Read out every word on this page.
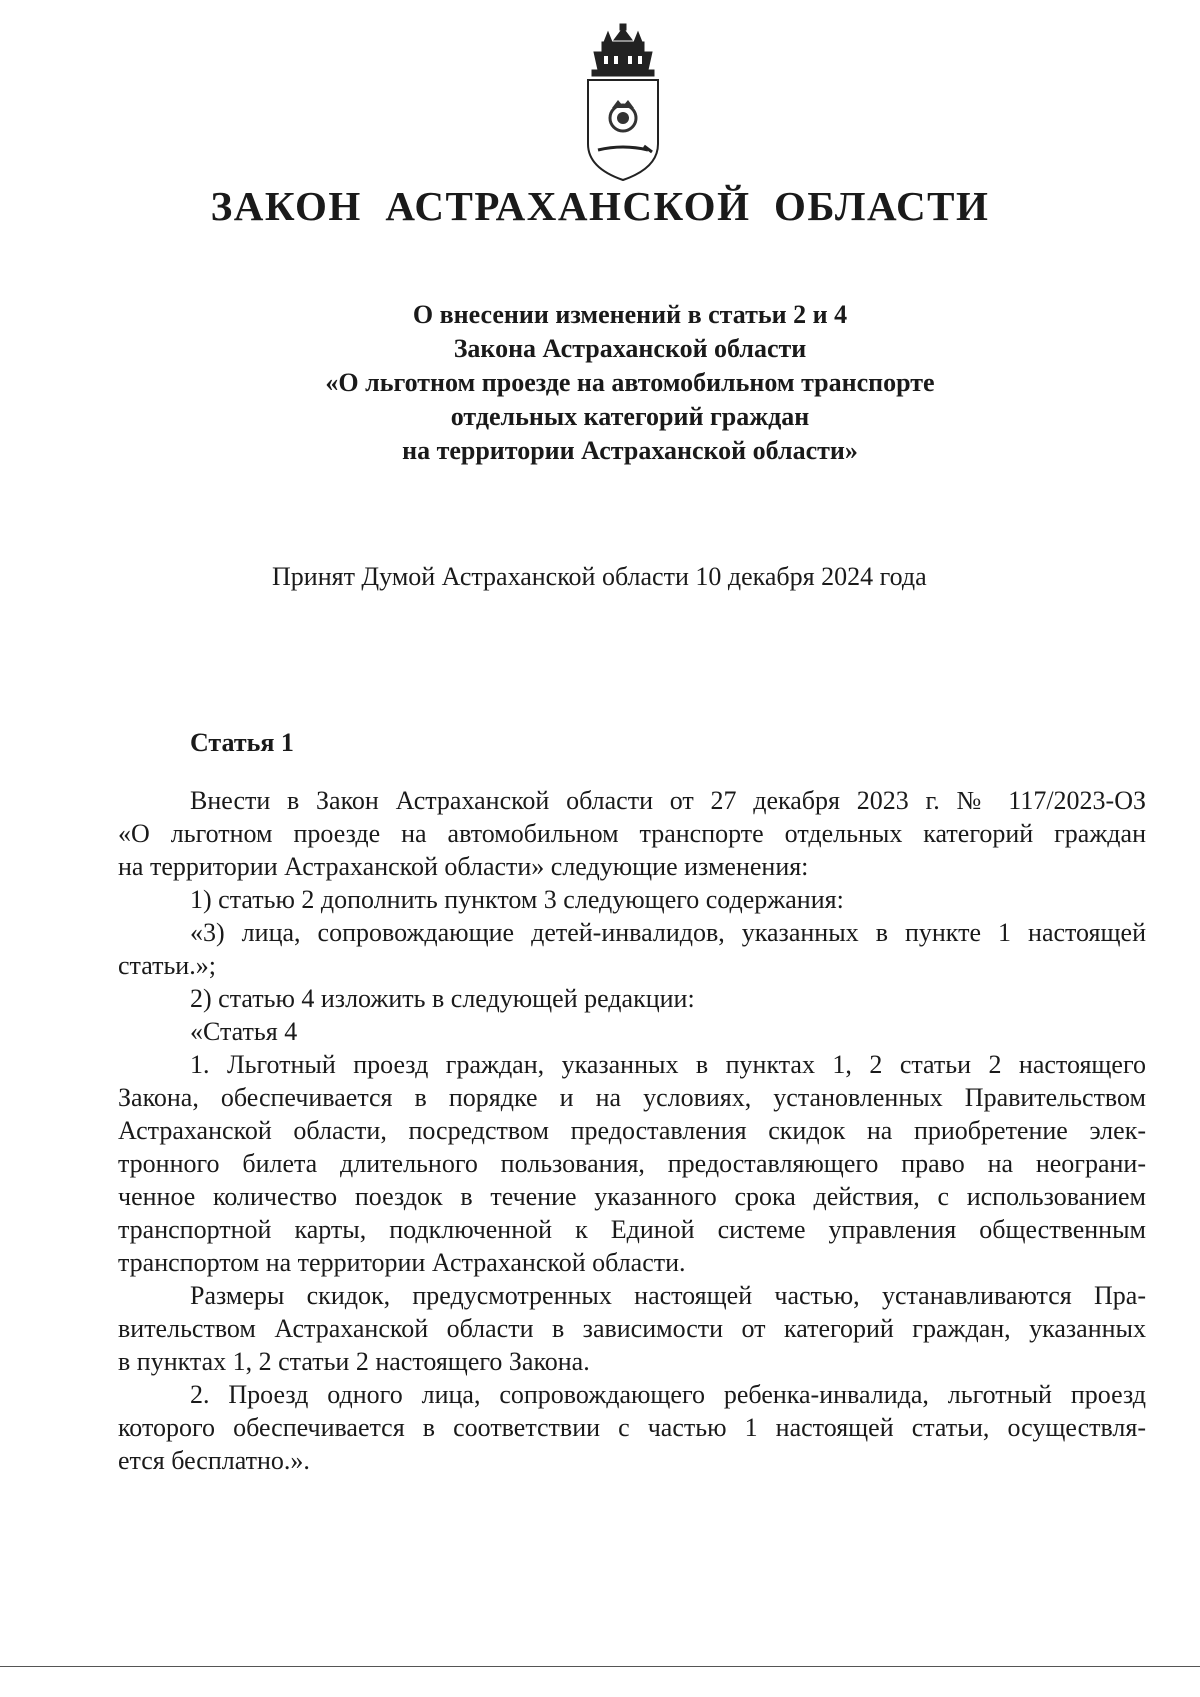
ЗАКОН  АСТРАХАНСКОЙ  ОБЛАСТИ
О внесении изменений в статьи 2 и 4
Закона Астраханской области
«О льготном проезде на автомобильном транспорте
отдельных категорий граждан
на территории Астраханской области»
Принят Думой Астраханской области 10 декабря 2024 года
Статья 1
Внести в Закон Астраханской области от 27 декабря 2023 г. № 117/2023-ОЗ
«О льготном проезде на автомобильном транспорте отдельных категорий граждан
на территории Астраханской области» следующие изменения:
1) статью 2 дополнить пунктом 3 следующего содержания:
«3) лица, сопровождающие детей-инвалидов, указанных в пункте 1 настоящей
статьи.»;
2) статью 4 изложить в следующей редакции:
«Статья 4
1. Льготный проезд граждан, указанных в пунктах 1, 2 статьи 2 настоящего
Закона, обеспечивается в порядке и на условиях, установленных Правительством
Астраханской области, посредством предоставления скидок на приобретение элек-
тронного билета длительного пользования, предоставляющего право на неограни-
ченное количество поездок в течение указанного срока действия, с использованием
транспортной карты, подключенной к Единой системе управления общественным
транспортом на территории Астраханской области.
Размеры скидок, предусмотренных настоящей частью, устанавливаются Пра-
вительством Астраханской области в зависимости от категорий граждан, указанных
в пунктах 1, 2 статьи 2 настоящего Закона.
2. Проезд одного лица, сопровождающего ребенка-инвалида, льготный проезд
которого обеспечивается в соответствии с частью 1 настоящей статьи, осуществля-
ется бесплатно.».
